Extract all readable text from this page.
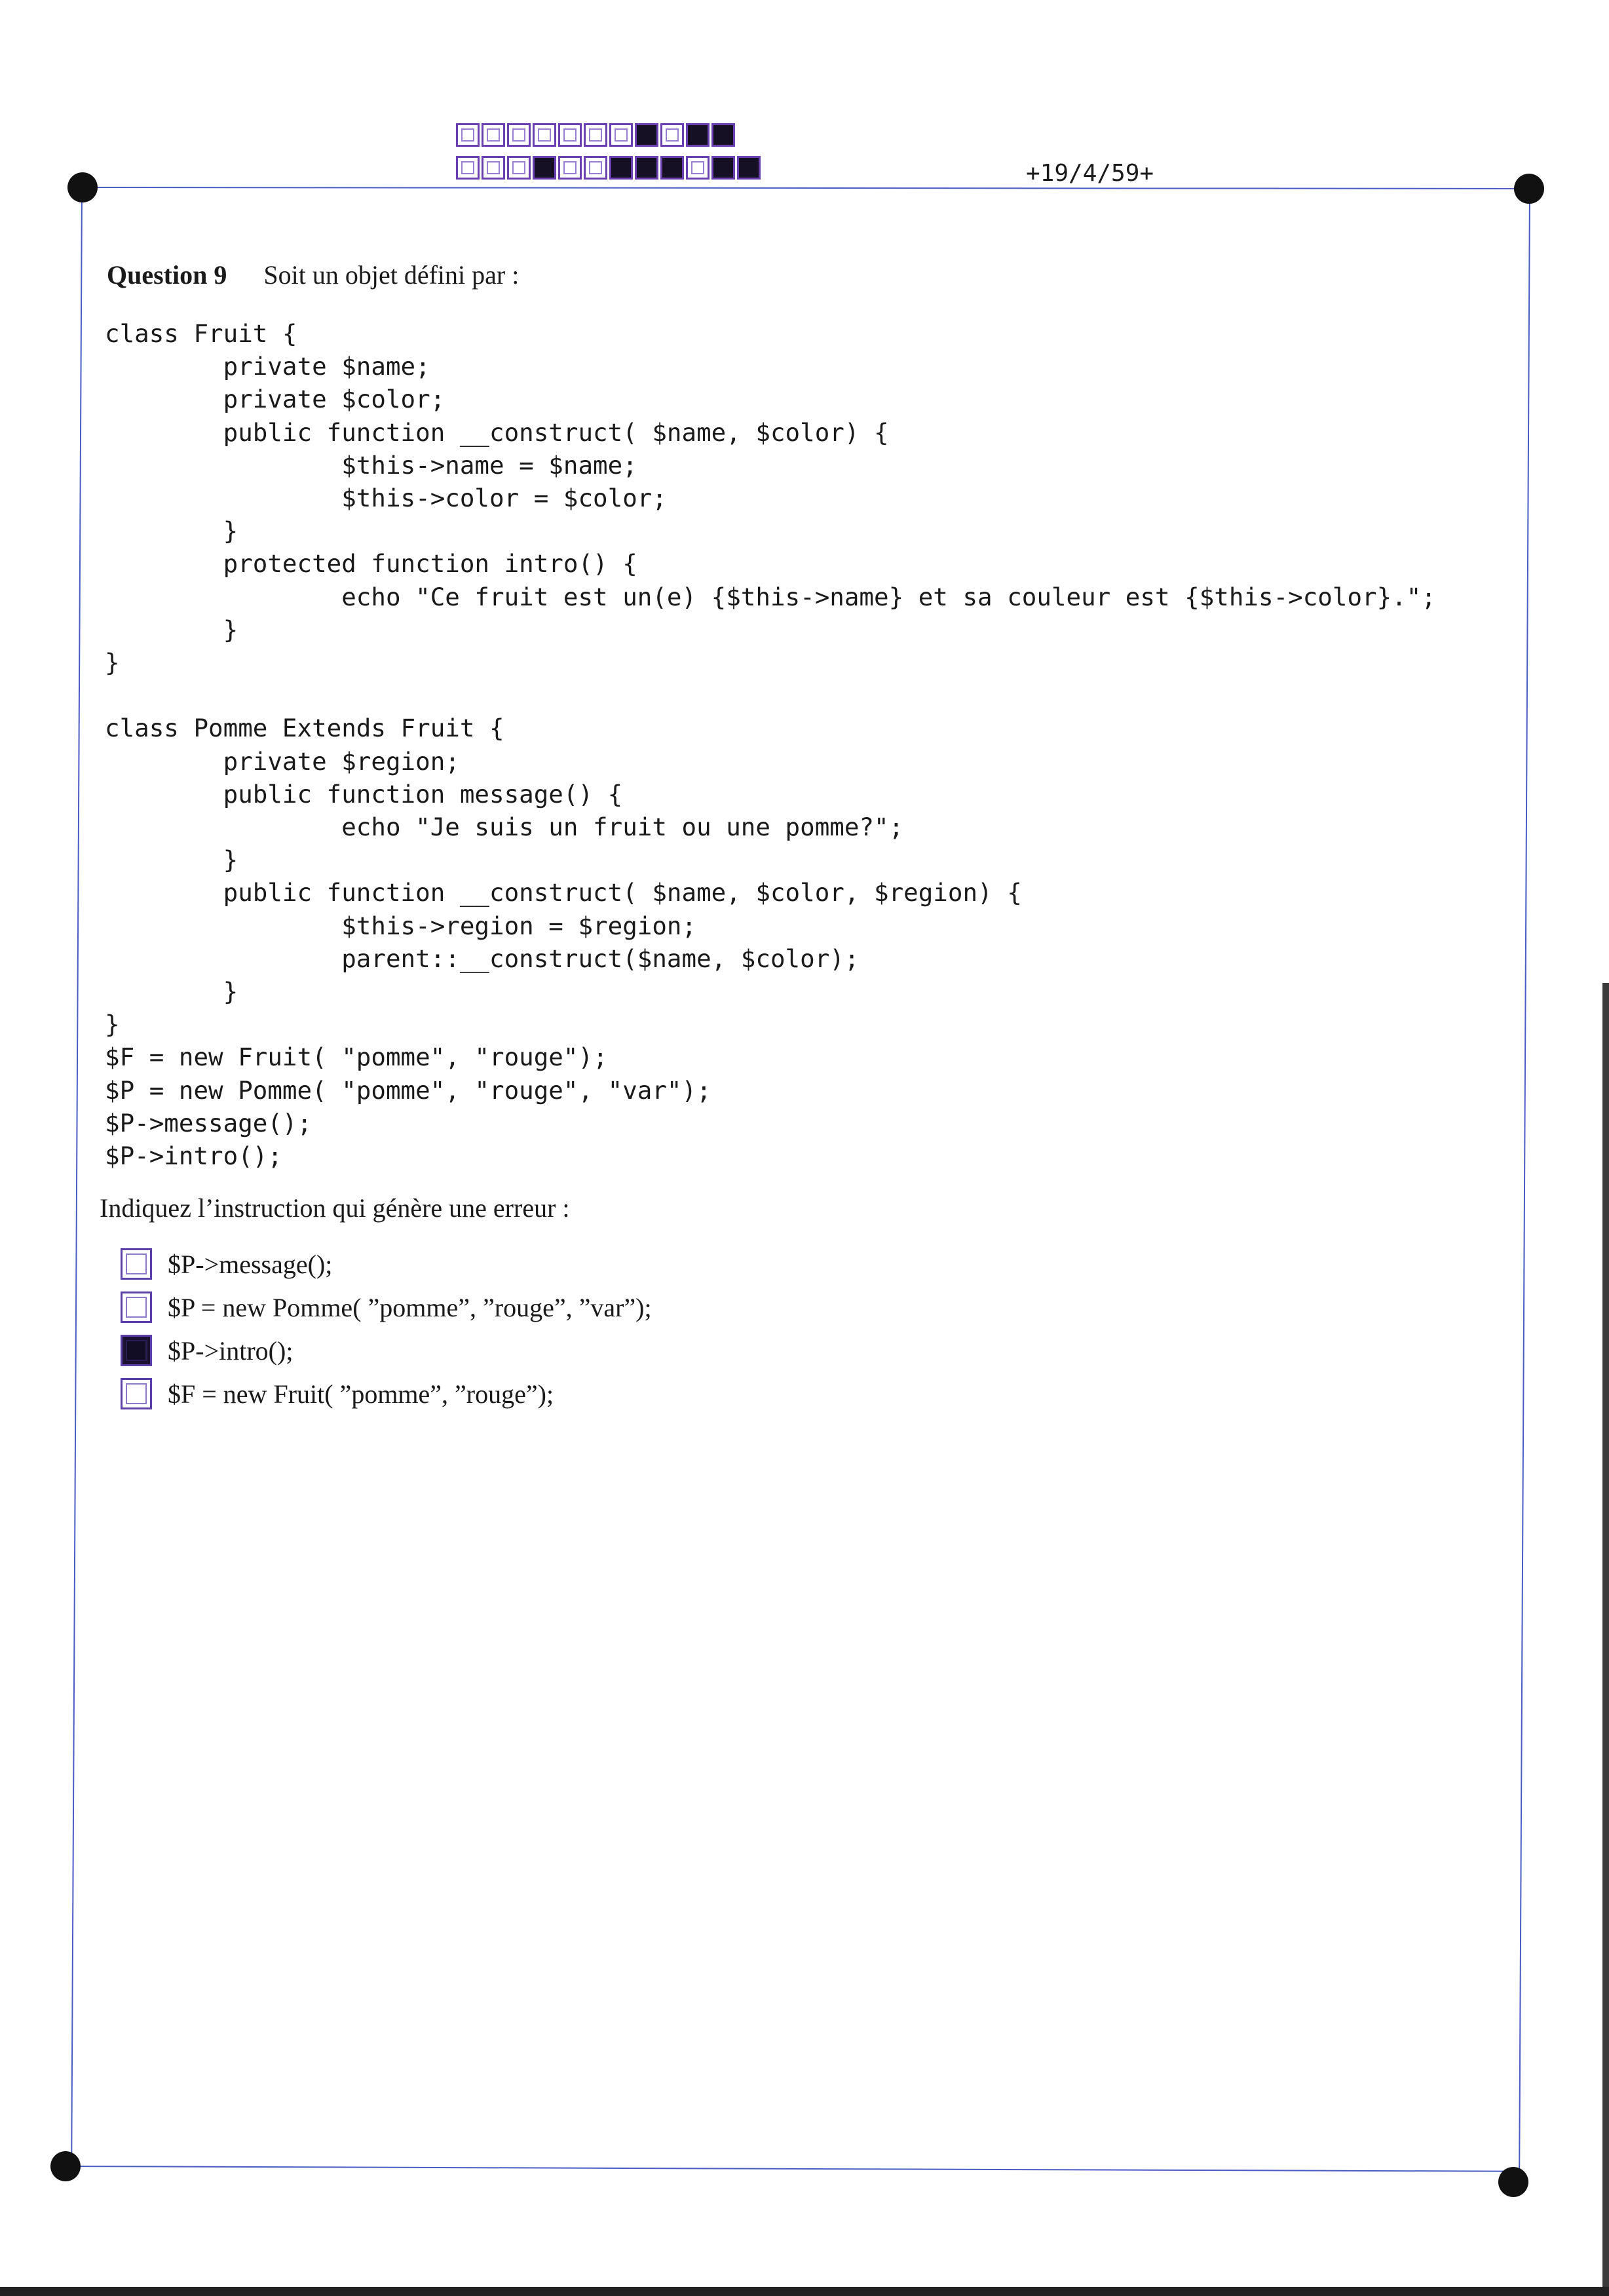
+19/4/59+
Question 9 Soit un objet défini par :
class Fruit {
private $name;
private $color;
public function __construct( $name, $color) {
$this->name = $name;
$this->color = $color;
}
protected function intro() {
echo "Ce fruit est un(e) {$this->name} et sa couleur est {$this->color}.";
}
}

class Pomme Extends Fruit {
private $region;
public function message() {
echo "Je suis un fruit ou une pomme?";
}
public function __construct( $name, $color, $region) {
$this->region = $region;
parent::__construct($name, $color);
}
}
$F = new Fruit( "pomme", "rouge");
$P = new Pomme( "pomme", "rouge", "var");
$P->message();
$P->intro();

Indiquez l’instruction qui génère une erreur :
$P->message();
$P = new Pomme( ”pomme”, ”rouge”, ”var”);
$P->intro();
$F = new Fruit( ”pomme”, ”rouge”);
